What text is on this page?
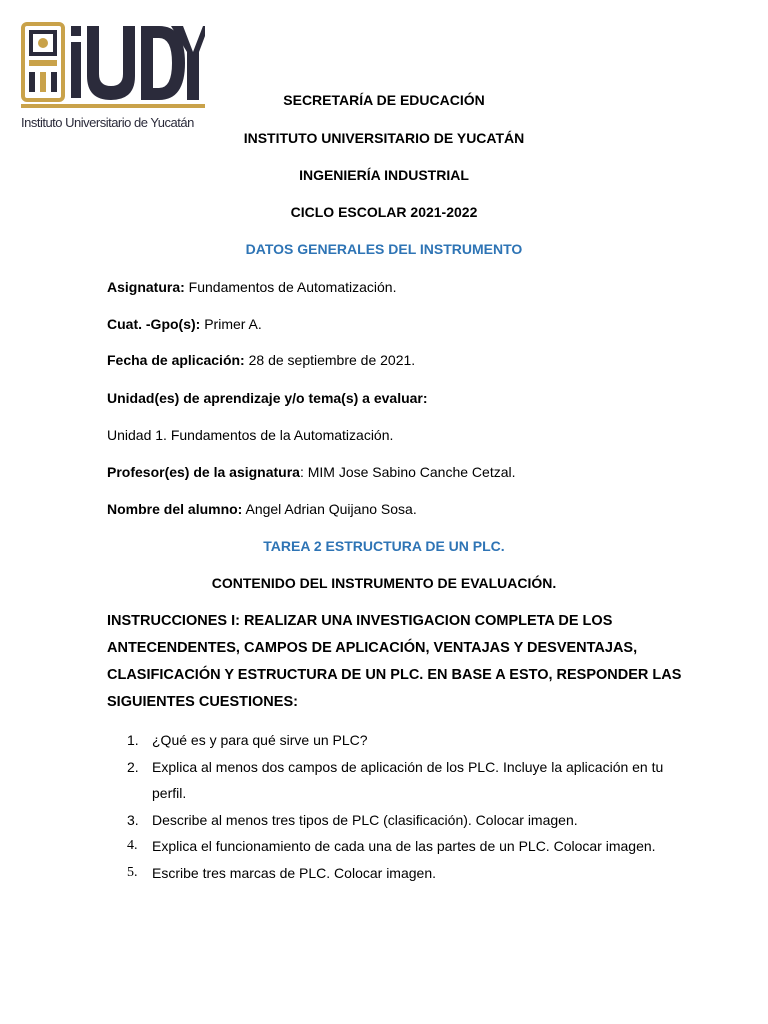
Instituto Universitario de Yucatán
SECRETARÍA DE EDUCACIÓN
INSTITUTO UNIVERSITARIO DE YUCATÁN
INGENIERÍA INDUSTRIAL
CICLO ESCOLAR 2021-2022
DATOS GENERALES DEL INSTRUMENTO
Asignatura: Fundamentos de Automatización.
Cuat. -Gpo(s): Primer A.
Fecha de aplicación: 28 de septiembre de 2021.
Unidad(es) de aprendizaje y/o tema(s) a evaluar:
Unidad 1. Fundamentos de la Automatización.
Profesor(es) de la asignatura: MIM Jose Sabino Canche Cetzal.
Nombre del alumno: Angel Adrian Quijano Sosa.
TAREA 2 ESTRUCTURA DE UN PLC.
CONTENIDO DEL INSTRUMENTO DE EVALUACIÓN.
INSTRUCCIONES I: REALIZAR UNA INVESTIGACION COMPLETA DE LOS ANTECENDENTES, CAMPOS DE APLICACIÓN, VENTAJAS Y DESVENTAJAS, CLASIFICACIÓN Y ESTRUCTURA DE UN PLC. EN BASE A ESTO, RESPONDER LAS SIGUIENTES CUESTIONES:
1. ¿Qué es y para qué sirve un PLC?
2. Explica al menos dos campos de aplicación de los PLC. Incluye la aplicación en tu perfil.
3. Describe al menos tres tipos de PLC (clasificación). Colocar imagen.
4.	Explica el funcionamiento de cada una de las partes de un PLC. Colocar imagen.
5.	Escribe tres marcas de PLC. Colocar imagen.
